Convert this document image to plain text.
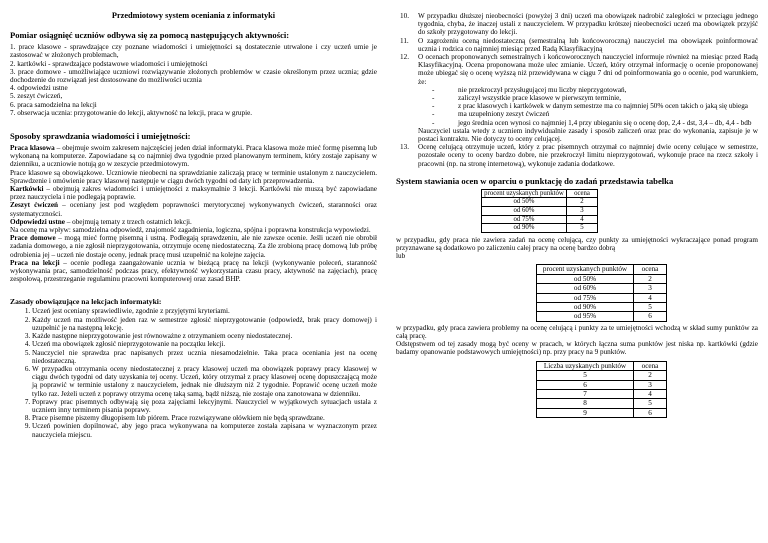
Przedmiotowy system oceniania z informatyki
Pomiar osiągnięć uczniów odbywa się za pomocą następujących aktywności:

1. prace klasowe - sprawdzające czy poznane wiadomości i umiejętności są dostatecznie utrwalone i czy uczeń umie je zastosować w złożonych problemach,

2. kartkówki - sprawdzające podstawowe wiadomości i umiejętności

3. prace domowe - umożliwiające uczniowi rozwiązywanie złożonych problemów w czasie określonym przez ucznia; gdzie dochodzenie do rozwiązań jest dostosowane do możliwości ucznia

4. odpowiedzi ustne

5. zeszyt ćwiczeń,

6. praca samodzielna na lekcji

7. obserwacja ucznia: przygotowanie do lekcji, aktywność na lekcji, praca w grupie.

Sposoby sprawdzania wiadomości i umiejętności:

Praca klasowa – obejmuje swoim zakresem najczęściej jeden dział informatyki. Praca klasowa może mieć formę pisemną lub wykonaną na komputerze. Zapowiadane są co najmniej dwa tygodnie przed planowanym terminem, który zostaje zapisany w dzienniku, a uczniowie notują go w zeszycie przedmiotowym.

Prace klasowe są obowiązkowe. Uczniowie nieobecni na sprawdzianie zaliczają pracę w terminie ustalonym z nauczycielem. Sprawdzenie i omówienie pracy klasowej następuje w ciągu dwóch tygodni od daty ich przeprowadzenia.

Kartkówki – obejmują zakres wiadomości i umiejętności z maksymalnie 3 lekcji. Kartkówki nie muszą być zapowiadane przez nauczyciela i nie podlegają poprawie.

Zeszyt ćwiczeń – oceniany jest pod względem poprawności merytorycznej wykonywanych ćwiczeń, staranności oraz systematyczności.

Odpowiedzi ustne – obejmują tematy z trzech ostatnich lekcji.

Na ocenę ma wpływ: samodzielna odpowiedź, znajomość zagadnienia, logiczna, spójna i poprawna konstrukcja wypowiedzi.

Prace domowe – mogą mieć formę pisemną i ustną. Podlegają sprawdzeniu, ale nie zawsze ocenie. Jeśli uczeń nie obrobił zadania domowego, a nie zgłosił nieprzygotowania, otrzymuje ocenę niedostateczną. Za źle zrobioną pracę domową lub próbę odrobienia jej – uczeń nie dostaje oceny, jednak pracę musi uzupełnić na kolejne zajęcia.

Praca na lekcji – ocenie podlega zaangażowanie ucznia w bieżącą pracę na lekcji (wykonywanie poleceń, staranność wykonywania prac, samodzielność podczas pracy, efektywność wykorzystania czasu pracy, aktywność na zajęciach), pracę zespołową, przestrzeganie regulaminu pracowni komputerowej oraz zasad BHP.

Zasady obowiązujące na lekcjach informatyki:
1. Uczeń jest oceniany sprawiedliwie, zgodnie z przyjętymi kryteriami.
2. Każdy uczeń ma możliwość jeden raz w semestrze zgłosić nieprzygotowanie (odpowiedź, brak pracy domowej) i uzupełnić je na następną lekcję.
3. Każde następne nieprzygotowanie jest równoważne z otrzymaniem oceny niedostatecznej.
4. Uczeń ma obowiązek zgłosić nieprzygotowanie na początku lekcji.
5. Nauczyciel nie sprawdza prac napisanych przez ucznia niesamodzielnie. Taka praca oceniania jest na ocenę niedostateczną.
6. W przypadku otrzymania oceny niedostatecznej z pracy klasowej uczeń ma obowiązek poprawy pracy klasowej w ciągu dwóch tygodni od daty uzyskania tej oceny. Uczeń, który otrzymał z pracy klasowej ocenę dopuszczającą może ją poprawić w terminie ustalony z nauczycielem, jednak nie dłuższym niż 2 tygodnie. Poprawić ocenę uczeń może tylko raz. Jeżeli uczeń z poprawy otrzyma ocenę taką samą, bądź niższą, nie zostaje ona zanotowana w dzienniku.
7. Poprawy prac pisemnych odbywają się poza zajęciami lekcyjnymi. Nauczyciel w wyjątkowych sytuacjach ustala z uczniem inny terminem pisania poprawy.
8. Prace pisemne piszemy długopisem lub piórem. Prace rozwiązywane ołówkiem nie będą sprawdzane.
9. Uczeń powinien dopilnować, aby jego praca wykonywana na komputerze została zapisana w wyznaczonym przez nauczyciela miejscu.
10. W przypadku dłuższej nieobecności (powyżej 3 dni) uczeń ma obowiązek nadrobić zaległości w przeciągu jednego tygodnia, chyba, że inaczej ustali z nauczycielem. W przypadku krótszej nieobecności uczeń ma obowiązek przyjść do szkoły przygotowany do lekcji.
11. O zagrożeniu oceną niedostateczną (semestralną lub końcoworoczną) nauczyciel ma obowiązek poinformować ucznia i rodzica co najmniej miesiąc przed Radą Klasyfikacyjną
12. O ocenach proponowanych semestralnych i końcoworocznych nauczyciel informuje również na miesiąc przed Radą Klasyfikacyjną. Ocena proponowana może ulec zmianie. Uczeń, który otrzymał informację o ocenie proponowanej może ubiegać się o ocenę wyższą niż przewidywana w ciągu 7 dni od poinformowania go o ocenie, pod warunkiem, że:
- nie przekroczył przysługującej mu liczby nieprzygotowań,
- zaliczył wszystkie prace klasowe w pierwszym terminie,
- z prac klasowych i kartkówek w danym semestrze ma co najmniej 50% ocen takich o jaką się ubiega
- ma uzupełniony zeszyt ćwiczeń
- jego średnia ocen wynosi co najmniej 1,4 przy ubieganiu się o ocenę dop, 2,4 - dst, 3,4 – db, 4,4 - bdb

Nauczyciel ustala wtedy z uczniem indywidualnie zasady i sposób zaliczeń oraz prac do wykonania, zapisuje je w postaci kontraktu. Nie dotyczy to oceny celującej.

13. Ocenę celującą otrzymuje uczeń, który z prac pisemnych otrzymał co najmniej dwie oceny celujące w semestrze, pozostałe oceny to oceny bardzo dobre, nie przekroczył limitu nieprzygotowań, wykonuje prace na rzecz szkoły i pracowni (np. na stronę internetową), wykonuje zadania dodatkowe.
System stawiania ocen w oparciu o punktację do zadań przedstawia tabelka
procent uzyskanych punktów	ocena
od 50%	2
od 60%	3
od 75%	4
od 90%	5

w przypadku, gdy praca nie zawiera zadań na ocenę celującą, czy punkty za umiejętności wykraczające ponad program przyznawane są dodatkowo po zaliczeniu całej pracy na ocenę bardzo dobrą

lub

procent uzyskanych punktów	ocena
od 50%	2
od 60%	3
od 75%	4
od 90%	5
od 95%	6

w przypadku, gdy praca zawiera problemy na ocenę celującą i punkty za te umiejętności wchodzą w skład sumy punktów za całą pracę.

Odstępstwem od tej zasady mogą być oceny w pracach, w których łączna suma punktów jest niska np. kartkówki (gdzie badamy opanowanie podstawowych umiejętności) np. przy pracy na 9 punktów.

Liczba uzyskanych punktów	ocena
5	2
6	3
7	4
8	5
9	6
